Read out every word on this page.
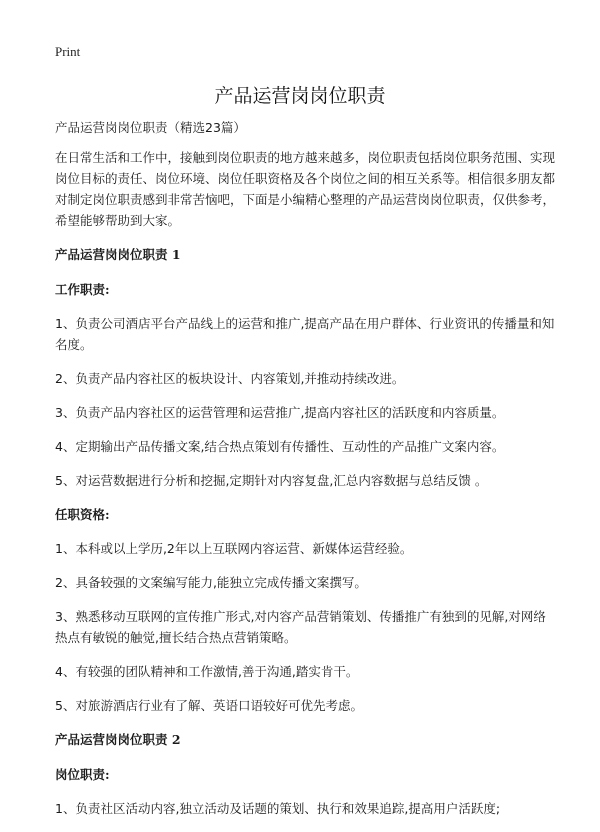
Print
产品运营岗岗位职责

产品运营岗岗位职责（精选23篇）

在日常生活和工作中，接触到岗位职责的地方越来越多，岗位职责包括岗位职务范围、实现岗位目标的责任、岗位环境、岗位任职资格及各个岗位之间的相互关系等。相信很多朋友都对制定岗位职责感到非常苦恼吧，下面是小编精心整理的产品运营岗岗位职责，仅供参考，希望能够帮助到大家。

产品运营岗岗位职责 1

工作职责:

1、负责公司酒店平台产品线上的运营和推广,提高产品在用户群体、行业资讯的传播量和知名度。

2、负责产品内容社区的板块设计、内容策划,并推动持续改进。

3、负责产品内容社区的运营管理和运营推广,提高内容社区的活跃度和内容质量。

4、定期输出产品传播文案,结合热点策划有传播性、互动性的产品推广文案内容。

5、对运营数据进行分析和挖掘,定期针对内容复盘,汇总内容数据与总结反馈 。

任职资格:

1、本科或以上学历,2年以上互联网内容运营、新媒体运营经验。

2、具备较强的文案编写能力,能独立完成传播文案撰写。

3、熟悉移动互联网的宣传推广形式,对内容产品营销策划、传播推广有独到的见解,对网络热点有敏锐的触觉,擅长结合热点营销策略。

4、有较强的团队精神和工作激情,善于沟通,踏实肯干。

5、对旅游酒店行业有了解、英语口语较好可优先考虑。

产品运营岗岗位职责 2

岗位职责:

1、负责社区活动内容,独立活动及话题的策划、执行和效果追踪,提高用户活跃度;
